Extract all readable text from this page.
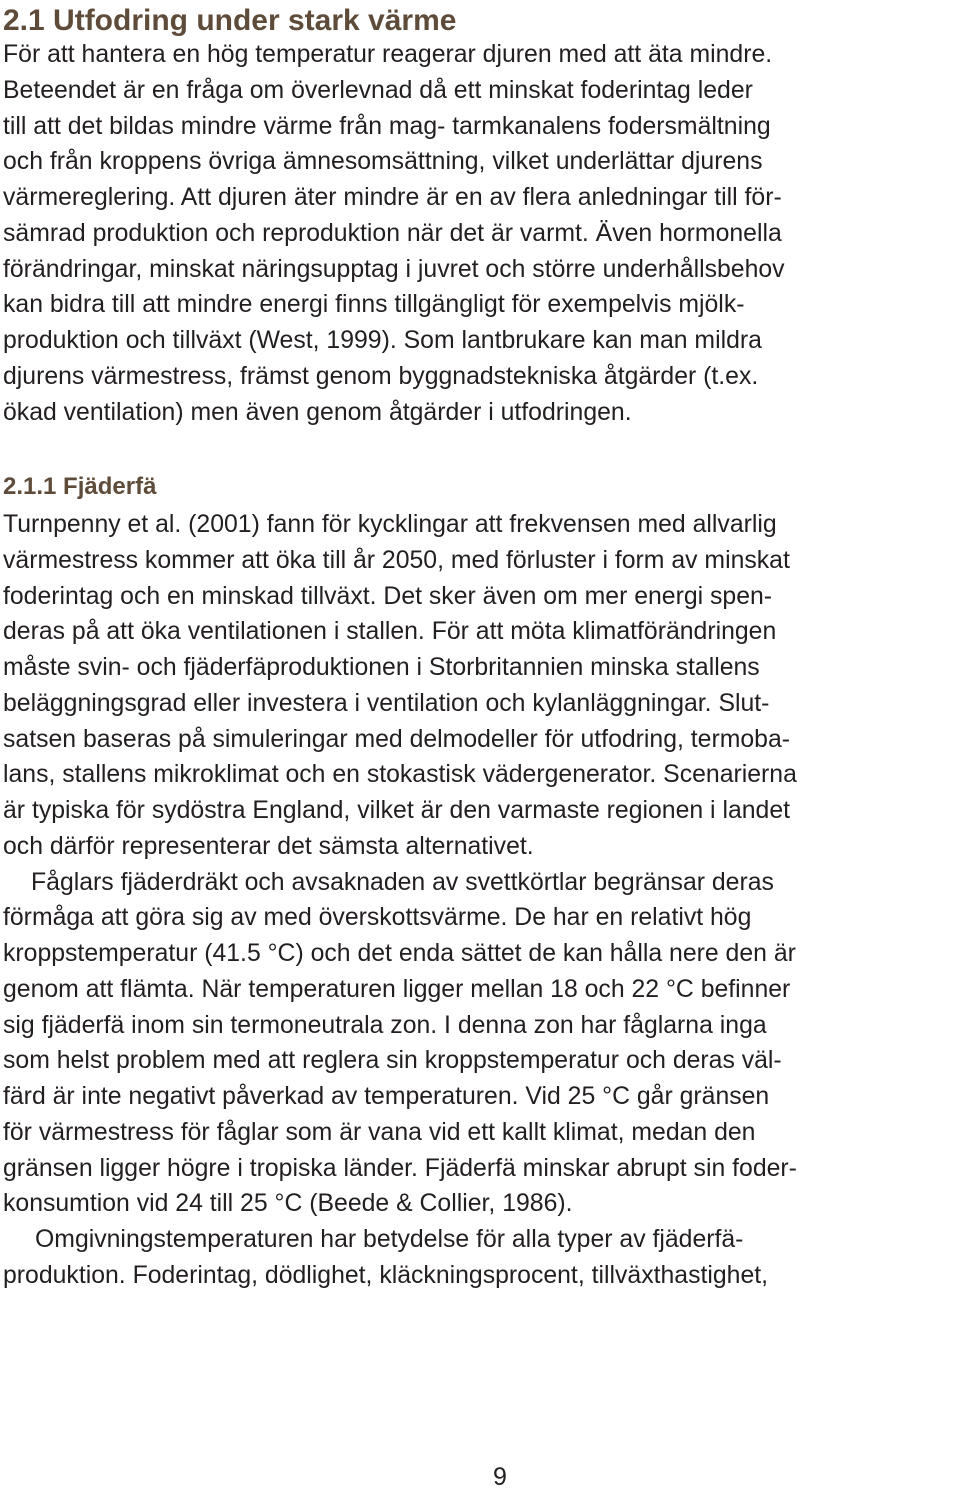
2.1 Utfodring under stark värme

För att hantera en hög temperatur reagerar djuren med att äta mindre.
Beteendet är en fråga om överlevnad då ett minskat foderintag leder
till att det bildas mindre värme från mag- tarmkanalens fodersmältning
och från kroppens övriga ämnesomsättning, vilket underlättar djurens
värmereglering. Att djuren äter mindre är en av flera anledningar till för-
sämrad produktion och reproduktion när det är varmt. Även hormonella
förändringar, minskat näringsupptag i juvret och större underhållsbehov
kan bidra till att mindre energi finns tillgängligt för exempelvis mjölk-
produktion och tillväxt (West, 1999). Som lantbrukare kan man mildra
djurens värmestress, främst genom byggnadstekniska åtgärder (t.ex.
ökad ventilation) men även genom åtgärder i utfodringen.

2.1.1 Fjäderfä
Turnpenny et al. (2001) fann för kycklingar att frekvensen med allvarlig
värmestress kommer att öka till år 2050, med förluster i form av minskat
foderintag och en minskad tillväxt. Det sker även om mer energi spen-
deras på att öka ventilationen i stallen. För att möta klimatförändringen
måste svin- och fjäderfäproduktionen i Storbritannien minska stallens
beläggningsgrad eller investera i ventilation och kylanläggningar. Slut-
satsen baseras på simuleringar med delmodeller för utfodring, termoba-
lans, stallens mikroklimat och en stokastisk vädergenerator. Scenarierna
är typiska för sydöstra England, vilket är den varmaste regionen i landet
och därför representerar det sämsta alternativet.
Fåglars fjäderdräkt och avsaknaden av svettkörtlar begränsar deras
förmåga att göra sig av med överskottsvärme. De har en relativt hög
kroppstemperatur (41.5 °C) och det enda sättet de kan hålla nere den är
genom att flämta. När temperaturen ligger mellan 18 och 22 °C befinner
sig fjäderfä inom sin termoneutrala zon. I denna zon har fåglarna inga
som helst problem med att reglera sin kroppstemperatur och deras väl-
färd är inte negativt påverkad av temperaturen. Vid 25 °C går gränsen
för värmestress för fåglar som är vana vid ett kallt klimat, medan den
gränsen ligger högre i tropiska länder. Fjäderfä minskar abrupt sin foder-
konsumtion vid 24 till 25 °C (Beede & Collier, 1986).
Omgivningstemperaturen har betydelse för alla typer av fjäderfä-
produktion. Foderintag, dödlighet, kläckningsprocent, tillväxthastighet,
9
